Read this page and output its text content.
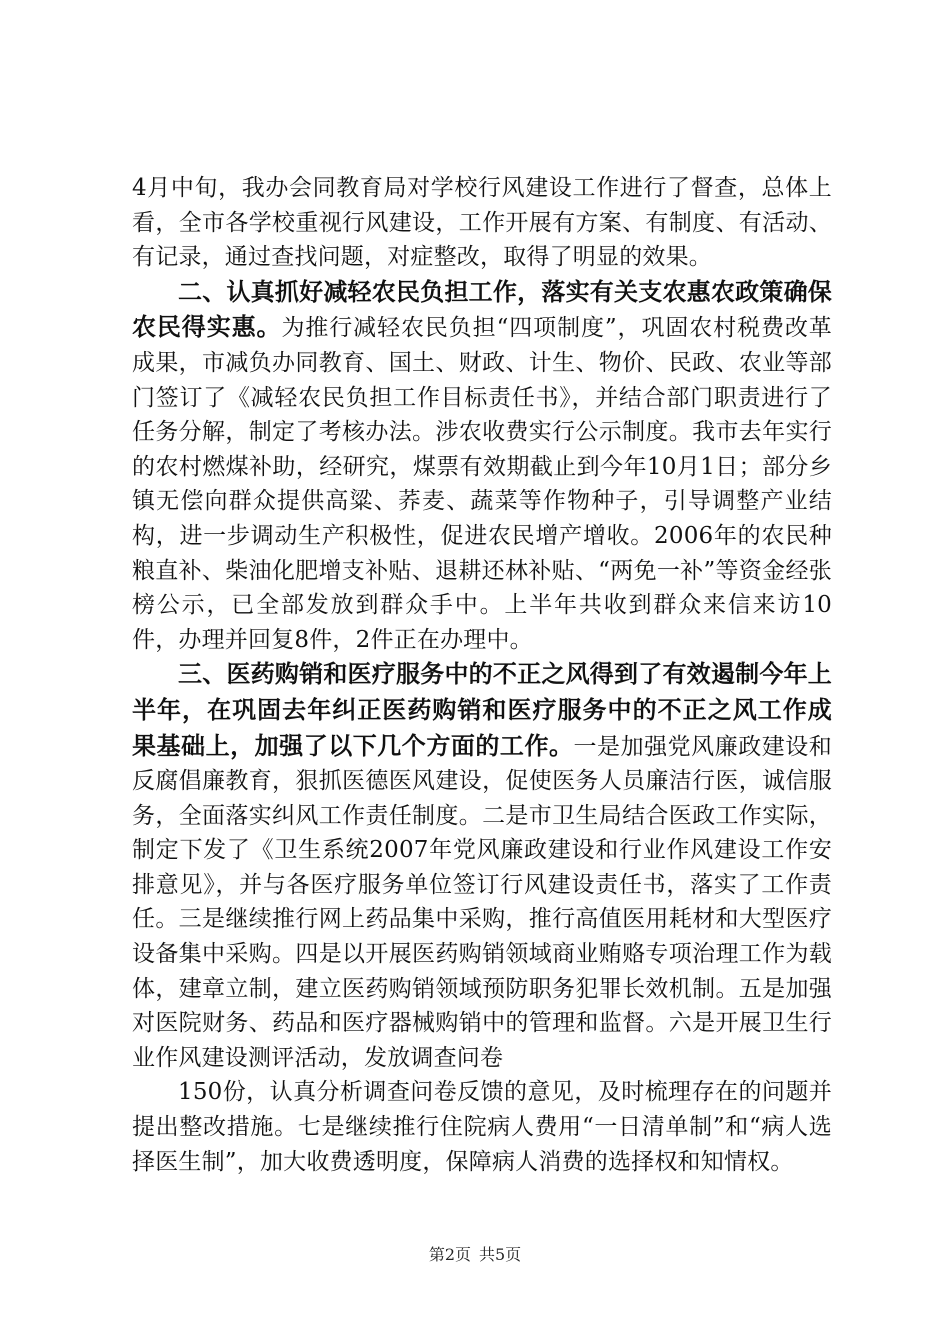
4月中旬，我办会同教育局对学校行风建设工作进行了督查，总体上看，全市各学校重视行风建设，工作开展有方案、有制度、有活动、有记录，通过查找问题，对症整改，取得了明显的效果。

二、认真抓好减轻农民负担工作，落实有关支农惠农政策确保农民得实惠。为推行减轻农民负担“四项制度”，巩固农村税费改革成果，市减负办同教育、国土、财政、计生、物价、民政、农业等部门签订了《减轻农民负担工作目标责任书》，并结合部门职责进行了任务分解，制定了考核办法。涉农收费实行公示制度。我市去年实行的农村燃煤补助，经研究，煤票有效期截止到今年10月1日；部分乡镇无偿向群众提供高粱、荞麦、蔬菜等作物种子，引导调整产业结构，进一步调动生产积极性，促进农民增产增收。2006年的农民种粮直补、柴油化肥增支补贴、退耕还林补贴、“两免一补”等资金经张榜公示，已全部发放到群众手中。上半年共收到群众来信来访10件，办理并回复8件，2件正在办理中。

三、医药购销和医疗服务中的不正之风得到了有效遏制今年上半年，在巩固去年纠正医药购销和医疗服务中的不正之风工作成果基础上，加强了以下几个方面的工作。一是加强党风廉政建设和反腐倡廉教育，狠抓医德医风建设，促使医务人员廉洁行医，诚信服务，全面落实纠风工作责任制度。二是市卫生局结合医政工作实际，制定下发了《卫生系统2007年党风廉政建设和行业作风建设工作安排意见》，并与各医疗服务单位签订行风建设责任书，落实了工作责任。三是继续推行网上药品集中采购，推行高值医用耗材和大型医疗设备集中采购。四是以开展医药购销领域商业贿赂专项治理工作为载体，建章立制，建立医药购销领域预防职务犯罪长效机制。五是加强对医院财务、药品和医疗器械购销中的管理和监督。六是开展卫生行业作风建设测评活动，发放调查问卷

150份，认真分析调查问卷反馈的意见，及时梳理存在的问题并提出整改措施。七是继续推行住院病人费用“一日清单制”和“病人选择医生制”，加大收费透明度，保障病人消费的选择权和知情权。

第2页 共5页
